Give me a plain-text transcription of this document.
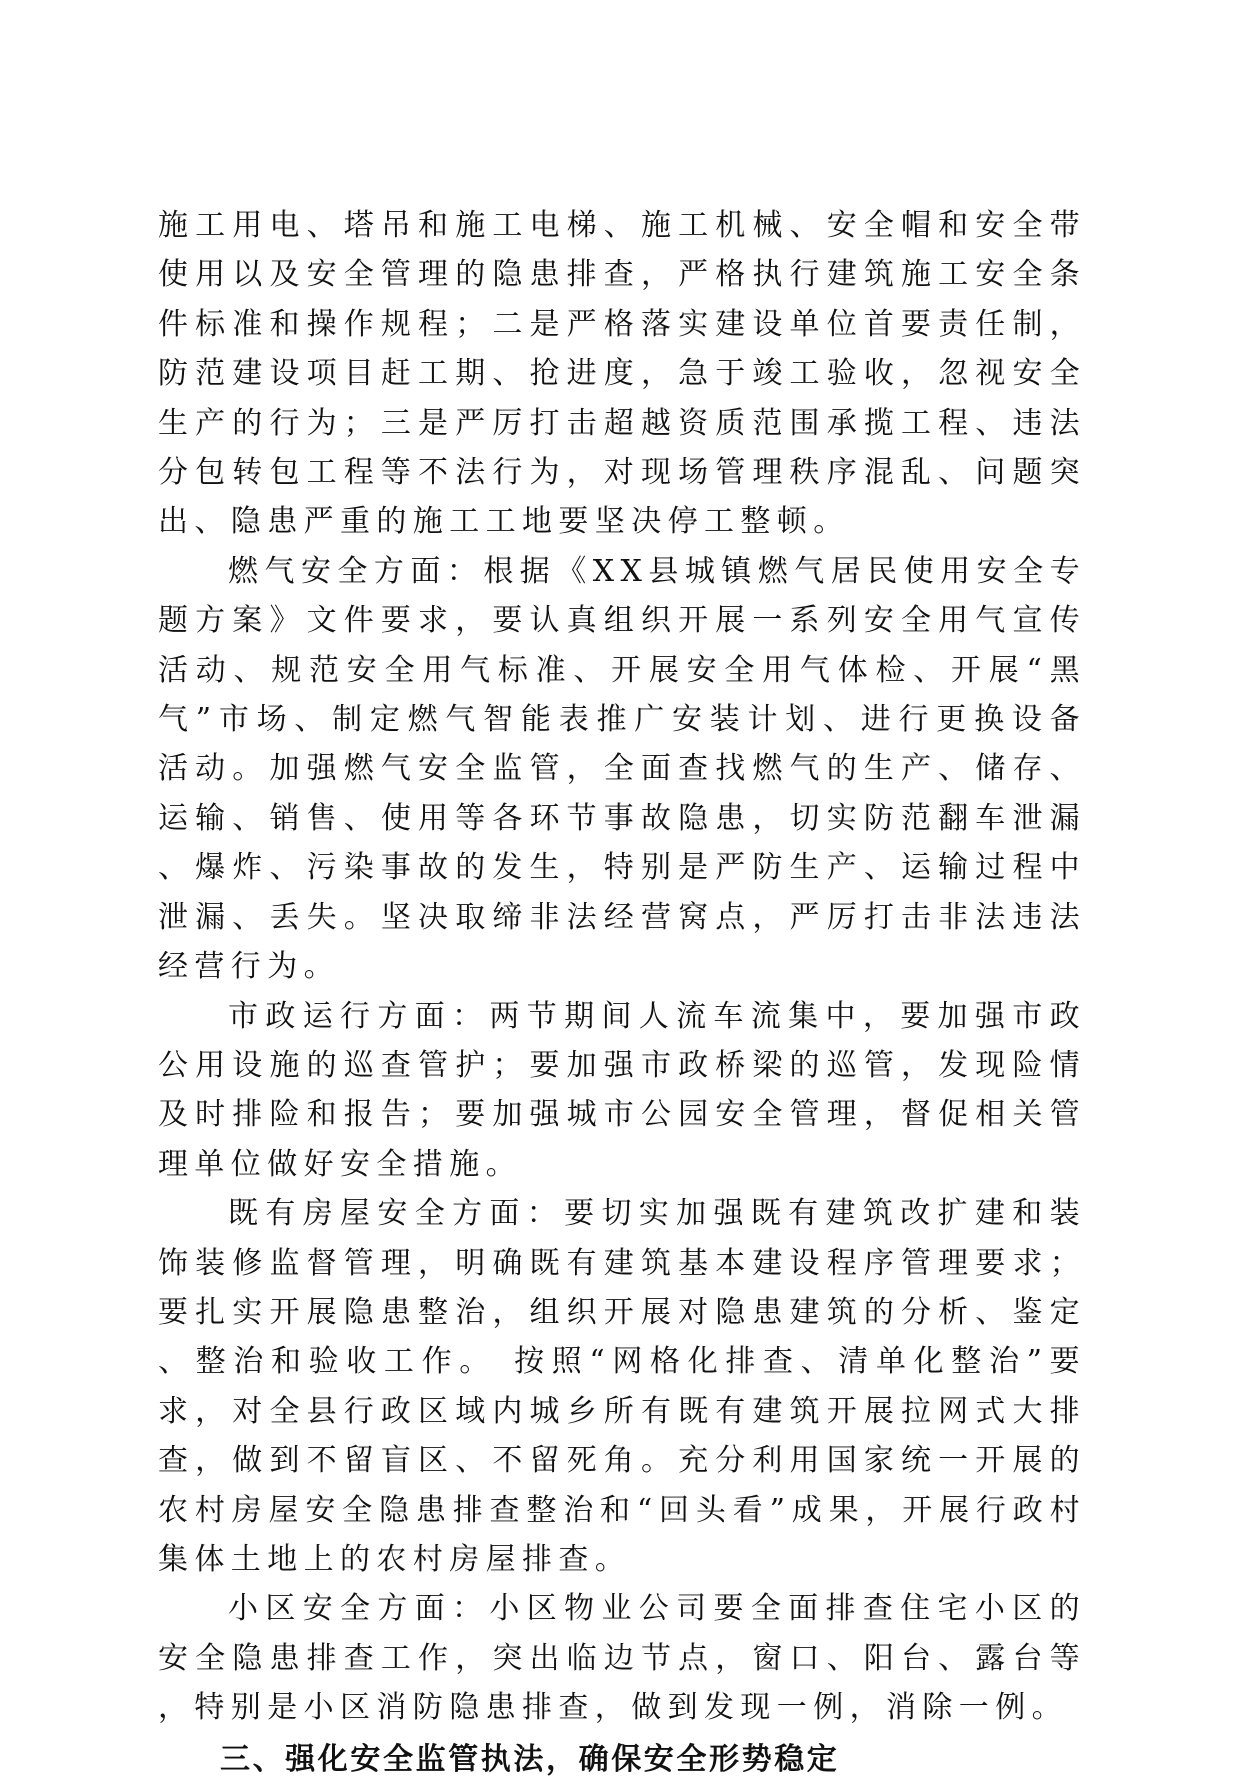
施工用电、塔吊和施工电梯、施工机械、安全帽和安全带使用以及安全管理的隐患排查，严格执行建筑施工安全条件标准和操作规程；二是严格落实建设单位首要责任制，防范建设项目赶工期、抢进度，急于竣工验收，忽视安全生产的行为；三是严厉打击超越资质范围承揽工程、违法分包转包工程等不法行为，对现场管理秩序混乱、问题突出、隐患严重的施工工地要坚决停工整顿。

燃气安全方面：根据《XX县城镇燃气居民使用安全专题方案》文件要求，要认真组织开展一系列安全用气宣传活动、规范安全用气标准、开展安全用气体检、开展“黑气”市场、制定燃气智能表推广安装计划、进行更换设备活动。加强燃气安全监管，全面查找燃气的生产、储存、运输、销售、使用等各环节事故隐患，切实防范翻车泄漏、爆炸、污染事故的发生，特别是严防生产、运输过程中泄漏、丢失。坚决取缔非法经营窝点，严厉打击非法违法经营行为。

市政运行方面：两节期间人流车流集中，要加强市政公用设施的巡查管护；要加强市政桥梁的巡管，发现险情及时排险和报告；要加强城市公园安全管理，督促相关管理单位做好安全措施。

既有房屋安全方面：要切实加强既有建筑改扩建和装饰装修监督管理，明确既有建筑基本建设程序管理要求；要扎实开展隐患整治，组织开展对隐患建筑的分析、鉴定、整治和验收工作。 按照“网格化排查、清单化整治”要求，对全县行政区域内城乡所有既有建筑开展拉网式大排查，做到不留盲区、不留死角。充分利用国家统一开展的农村房屋安全隐患排查整治和“回头看”成果，开展行政村集体土地上的农村房屋排查。

小区安全方面：小区物业公司要全面排查住宅小区的安全隐患排查工作，突出临边节点，窗口、阳台、露台等，特别是小区消防隐患排查，做到发现一例，消除一例。

三、强化安全监管执法，确保安全形势稳定
